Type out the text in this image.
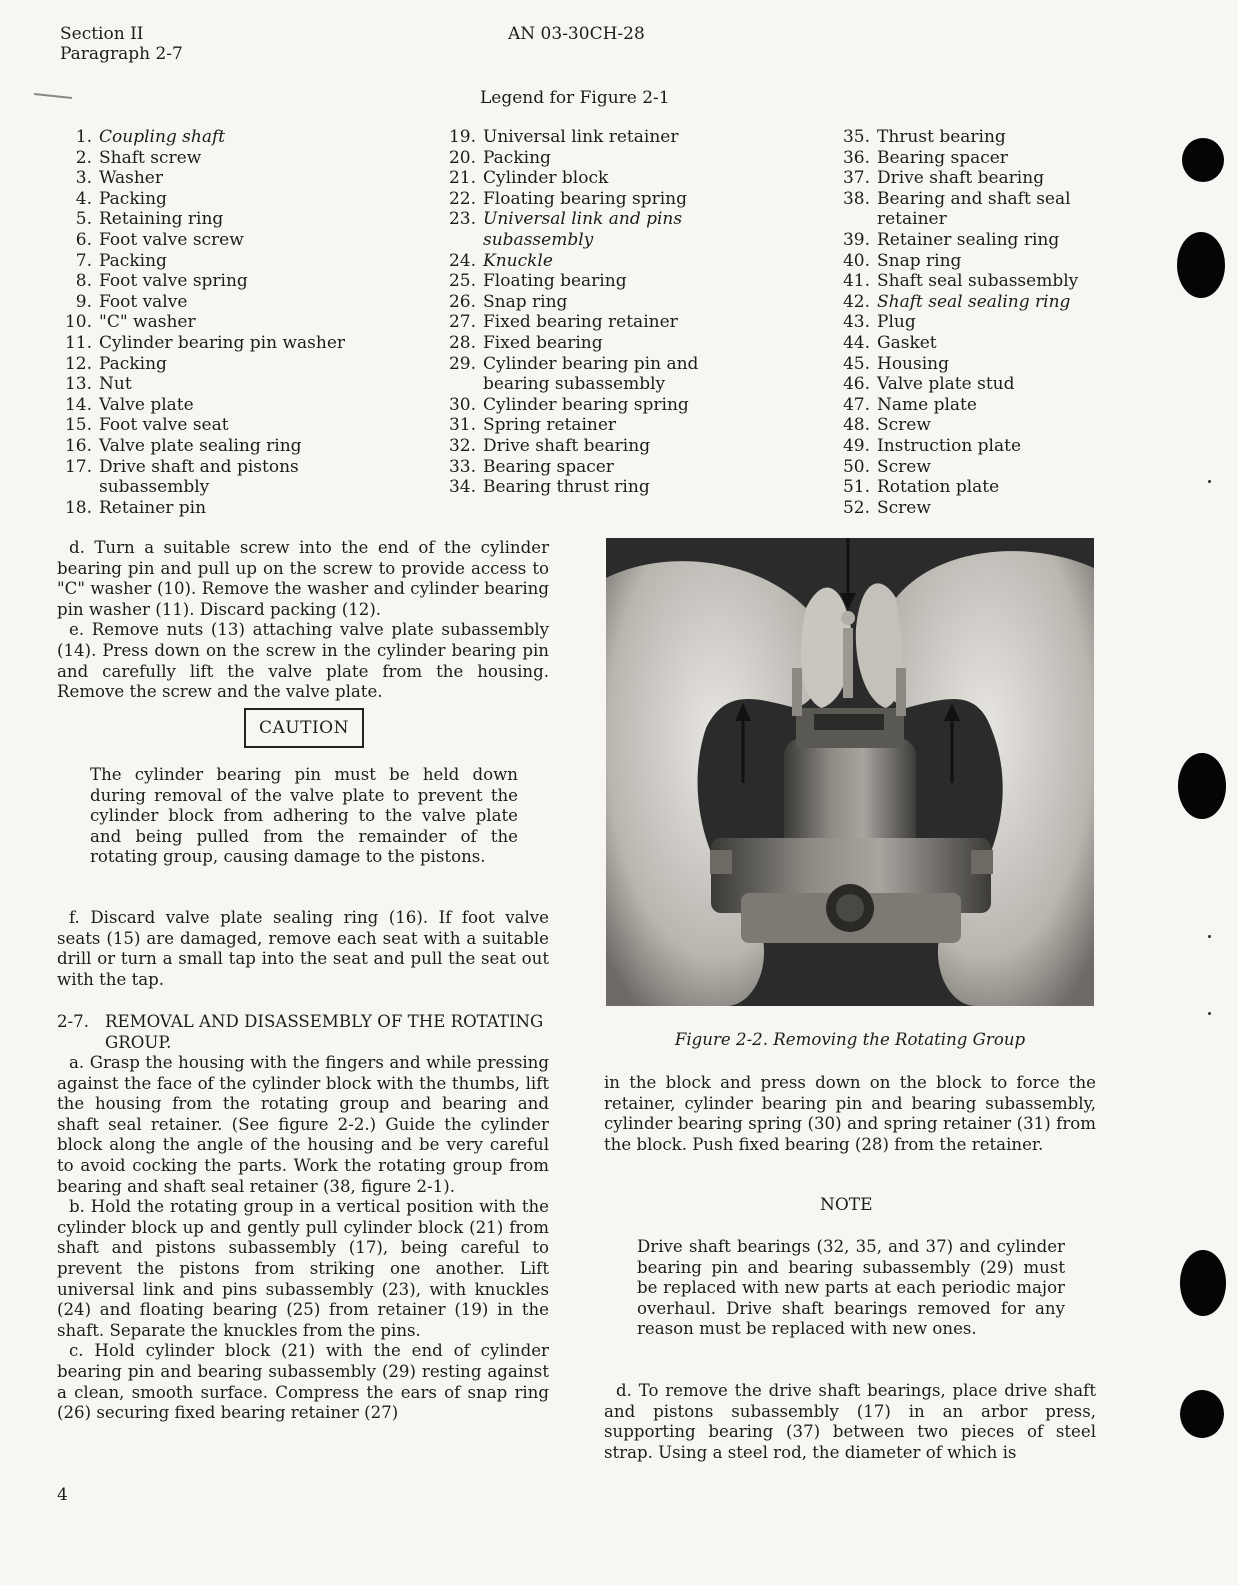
Section II
Paragraph 2-7
AN 03-30CH-28
Legend for Figure 2-1
1. Coupling shaft
2. Shaft screw
3. Washer
4. Packing
5. Retaining ring
6. Foot valve screw
7. Packing
8. Foot valve spring
9. Foot valve
10. "C" washer
11. Cylinder bearing pin washer
12. Packing
13. Nut
14. Valve plate
15. Foot valve seat
16. Valve plate sealing ring
17. Drive shaft and pistons subassembly
18. Retainer pin
19. Universal link retainer
20. Packing
21. Cylinder block
22. Floating bearing spring
23. Universal link and pins subassembly
24. Knuckle
25. Floating bearing
26. Snap ring
27. Fixed bearing retainer
28. Fixed bearing
29. Cylinder bearing pin and bearing subassembly
30. Cylinder bearing spring
31. Spring retainer
32. Drive shaft bearing
33. Bearing spacer
34. Bearing thrust ring
35. Thrust bearing
36. Bearing spacer
37. Drive shaft bearing
38. Bearing and shaft seal retainer
39. Retainer sealing ring
40. Snap ring
41. Shaft seal subassembly
42. Shaft seal sealing ring
43. Plug
44. Gasket
45. Housing
46. Valve plate stud
47. Name plate
48. Screw
49. Instruction plate
50. Screw
51. Rotation plate
52. Screw

d. Turn a suitable screw into the end of the cylinder bearing pin and pull up on the screw to provide access to "C" washer (10). Remove the washer and cylinder bearing pin washer (11). Discard packing (12).

e. Remove nuts (13) attaching valve plate subassembly (14). Press down on the screw in the cylinder bearing pin and carefully lift the valve plate from the housing. Remove the screw and the valve plate.

CAUTION
The cylinder bearing pin must be held down during removal of the valve plate to prevent the cylinder block from adhering to the valve plate and being pulled from the remainder of the rotating group, causing damage to the pistons.

f. Discard valve plate sealing ring (16). If foot valve seats (15) are damaged, remove each seat with a suitable drill or turn a small tap into the seat and pull the seat out with the tap.

2-7. REMOVAL AND DISASSEMBLY OF THE ROTATING GROUP.

a. Grasp the housing with the fingers and while pressing against the face of the cylinder block with the thumbs, lift the housing from the rotating group and bearing and shaft seal retainer. (See figure 2-2.) Guide the cylinder block along the angle of the housing and be very careful to avoid cocking the parts. Work the rotating group from bearing and shaft seal retainer (38, figure 2-1).

b. Hold the rotating group in a vertical position with the cylinder block up and gently pull cylinder block (21) from shaft and pistons subassembly (17), being careful to prevent the pistons from striking one another. Lift universal link and pins subassembly (23), with knuckles (24) and floating bearing (25) from retainer (19) in the shaft. Separate the knuckles from the pins.

c. Hold cylinder block (21) with the end of cylinder bearing pin and bearing subassembly (29) resting against a clean, smooth surface. Compress the ears of snap ring (26) securing fixed bearing retainer (27)

Figure 2-2. Removing the Rotating Group

in the block and press down on the block to force the retainer, cylinder bearing pin and bearing subassembly, cylinder bearing spring (30) and spring retainer (31) from the block. Push fixed bearing (28) from the retainer.

NOTE
Drive shaft bearings (32, 35, and 37) and cylinder bearing pin and bearing subassembly (29) must be replaced with new parts at each periodic major overhaul. Drive shaft bearings removed for any reason must be replaced with new ones.

d. To remove the drive shaft bearings, place drive shaft and pistons subassembly (17) in an arbor press, supporting bearing (37) between two pieces of steel strap. Using a steel rod, the diameter of which is

4
